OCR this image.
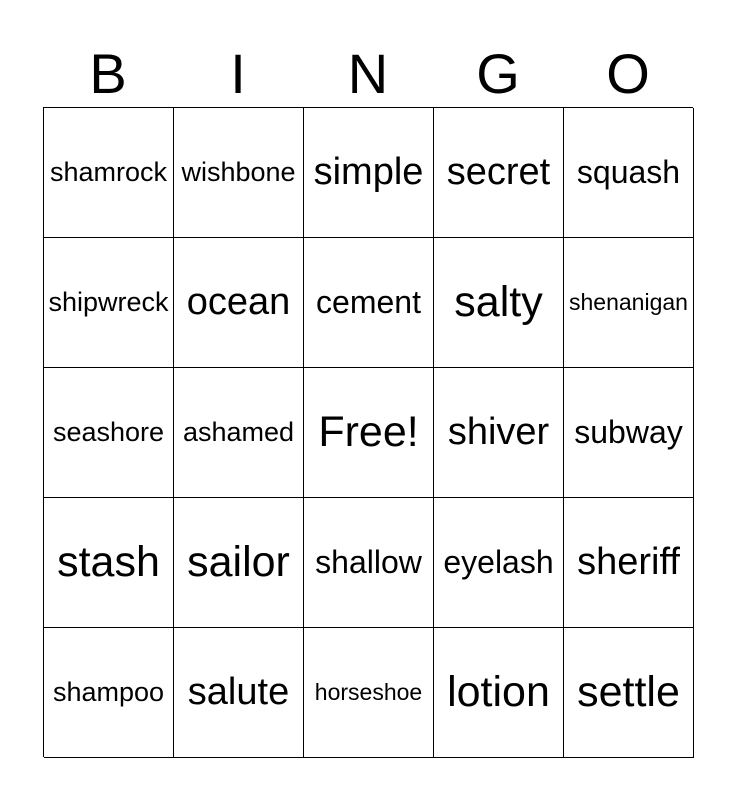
B	I	N	G	O
shamrock wishbone simple secret squash
shipwreck ocean cement salty	shenanigan
seashore ashamed Free! shiver subway
stash sailor shallow eyelash sheriff
shampoo salute	horseshoe lotion settle
